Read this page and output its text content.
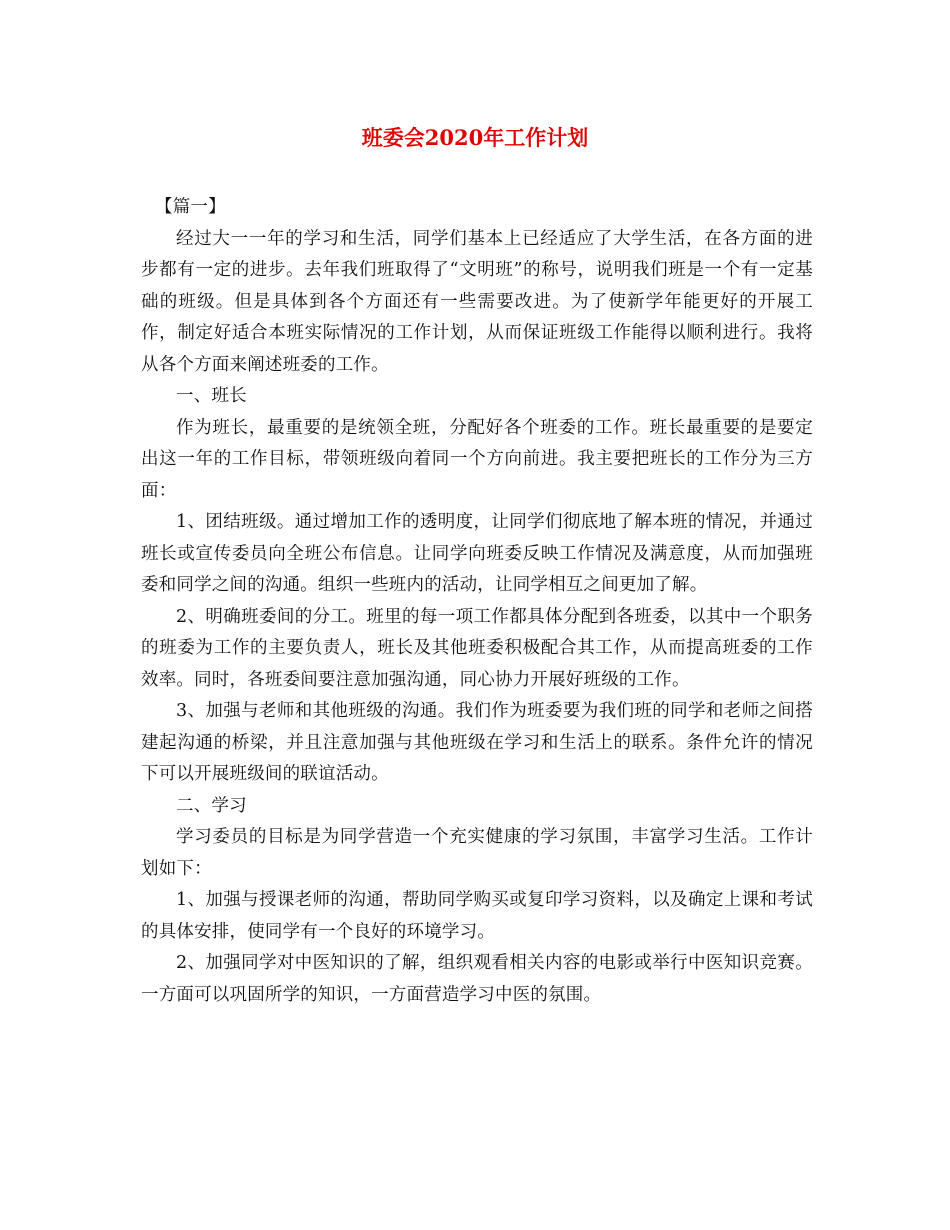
班委会2020年工作计划

【篇一】

经过大一一年的学习和生活，同学们基本上已经适应了大学生活，在各方面的进步都有一定的进步。去年我们班取得了“文明班”的称号，说明我们班是一个有一定基础的班级。但是具体到各个方面还有一些需要改进。为了使新学年能更好的开展工作，制定好适合本班实际情况的工作计划，从而保证班级工作能得以顺利进行。我将从各个方面来阐述班委的工作。

一、班长

作为班长，最重要的是统领全班，分配好各个班委的工作。班长最重要的是要定出这一年的工作目标，带领班级向着同一个方向前进。我主要把班长的工作分为三方面：

1、团结班级。通过增加工作的透明度，让同学们彻底地了解本班的情况，并通过班长或宣传委员向全班公布信息。让同学向班委反映工作情况及满意度，从而加强班委和同学之间的沟通。组织一些班内的活动，让同学相互之间更加了解。

2、明确班委间的分工。班里的每一项工作都具体分配到各班委，以其中一个职务的班委为工作的主要负责人，班长及其他班委积极配合其工作，从而提高班委的工作效率。同时，各班委间要注意加强沟通，同心协力开展好班级的工作。

3、加强与老师和其他班级的沟通。我们作为班委要为我们班的同学和老师之间搭建起沟通的桥梁，并且注意加强与其他班级在学习和生活上的联系。条件允许的情况下可以开展班级间的联谊活动。

二、学习

学习委员的目标是为同学营造一个充实健康的学习氛围，丰富学习生活。工作计划如下：

1、加强与授课老师的沟通，帮助同学购买或复印学习资料，以及确定上课和考试的具体安排，使同学有一个良好的环境学习。

2、加强同学对中医知识的了解，组织观看相关内容的电影或举行中医知识竞赛。一方面可以巩固所学的知识，一方面营造学习中医的氛围。
